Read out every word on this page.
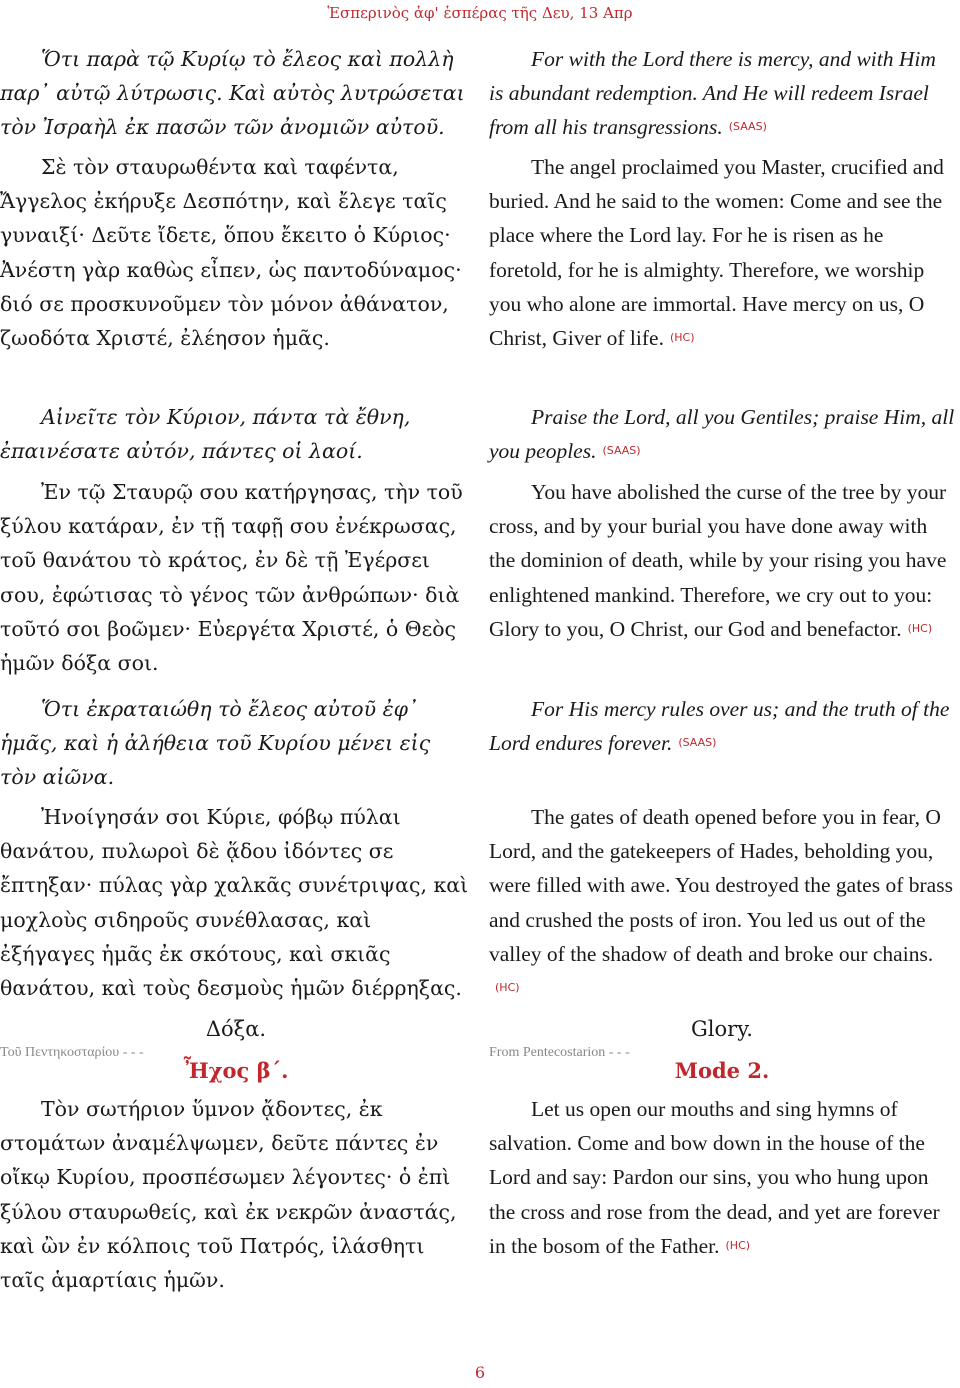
Ἑσπερινὸς ἀφ' ἑσπέρας τῆς Δευ, 13 Απρ

Ὅτι παρὰ τῷ Κυρίῳ τὸ ἔλεος καὶ πολλὴ παρ᾽ αὐτῷ λύτρωσις. Καὶ αὐτὸς λυτρώσεται τὸν Ἰσραὴλ ἐκ πασῶν τῶν ἀνομιῶν αὐτοῦ.

Σὲ τὸν σταυρωθέντα καὶ ταφέντα, Ἄγγελος ἐκήρυξε Δεσπότην, καὶ ἔλεγε ταῖς γυναιξί· Δεῦτε ἴδετε, ὅπου ἔκειτο ὁ Κύριος· Ἀνέστη γὰρ καθὼς εἶπεν, ὡς παντοδύναμος· διό σε προσκυνοῦμεν τὸν μόνον ἀθάνατον, ζωοδότα Χριστέ, ἐλέησον ἡμᾶς.

Αἰνεῖτε τὸν Κύριον, πάντα τὰ ἔθνη, ἐπαινέσατε αὐτόν, πάντες οἱ λαοί.

Ἐν τῷ Σταυρῷ σου κατήργησας, τὴν τοῦ ξύλου κατάραν, ἐν τῇ ταφῇ σου ἐνέκρωσας, τοῦ θανάτου τὸ κράτος, ἐν δὲ τῇ Ἐγέρσει σου, ἐφώτισας τὸ γένος τῶν ἀνθρώπων· διὰ τοῦτό σοι βοῶμεν· Εὐεργέτα Χριστέ, ὁ Θεὸς ἡμῶν δόξα σοι.

Ὅτι ἐκραταιώθη τὸ ἔλεος αὐτοῦ ἐφ᾽ ἡμᾶς, καὶ ἡ ἀλήθεια τοῦ Κυρίου μένει εἰς τὸν αἰῶνα.

Ἠνοίγησάν σοι Κύριε, φόβῳ πύλαι θανάτου, πυλωροὶ δὲ ᾅδου ἰδόντες σε ἔπτηξαν· πύλας γὰρ χαλκᾶς συνέτριψας, καὶ μοχλοὺς σιδηροῦς συνέθλασας, καὶ ἐξήγαγες ἡμᾶς ἐκ σκότους, καὶ σκιᾶς θανάτου, καὶ τοὺς δεσμοὺς ἡμῶν διέρρηξας.

Δόξα.
Τοῦ Πεντηκοσταρίου - - -
Ἦχος β´.

Τὸν σωτήριον ὕμνον ᾄδοντες, ἐκ στομάτων ἀναμέλψωμεν, δεῦτε πάντες ἐν οἴκῳ Κυρίου, προσπέσωμεν λέγοντες· ὁ ἐπὶ ξύλου σταυρωθείς, καὶ ἐκ νεκρῶν ἀναστάς, καὶ ὢν ἐν κόλποις τοῦ Πατρός, ἱλάσθητι ταῖς ἁμαρτίαις ἡμῶν.

For with the Lord there is mercy, and with Him is abundant redemption. And He will redeem Israel from all his transgressions. (SAAS)

The angel proclaimed you Master, crucified and buried. And he said to the women: Come and see the place where the Lord lay. For he is risen as he foretold, for he is almighty. Therefore, we worship you who alone are immortal. Have mercy on us, O Christ, Giver of life. (HC)

Praise the Lord, all you Gentiles; praise Him, all you peoples. (SAAS)

You have abolished the curse of the tree by your cross, and by your burial you have done away with the dominion of death, while by your rising you have enlightened mankind. Therefore, we cry out to you: Glory to you, O Christ, our God and benefactor. (HC)

For His mercy rules over us; and the truth of the Lord endures forever. (SAAS)

The gates of death opened before you in fear, O Lord, and the gatekeepers of Hades, beholding you, were filled with awe. You destroyed the gates of brass and crushed the posts of iron. You led us out of the valley of the shadow of death and broke our chains.(HC)

Glory.
From Pentecostarion - - -
Mode 2.

Let us open our mouths and sing hymns of salvation. Come and bow down in the house of the Lord and say: Pardon our sins, you who hung upon the cross and rose from the dead, and yet are forever in the bosom of the Father. (HC)

6
